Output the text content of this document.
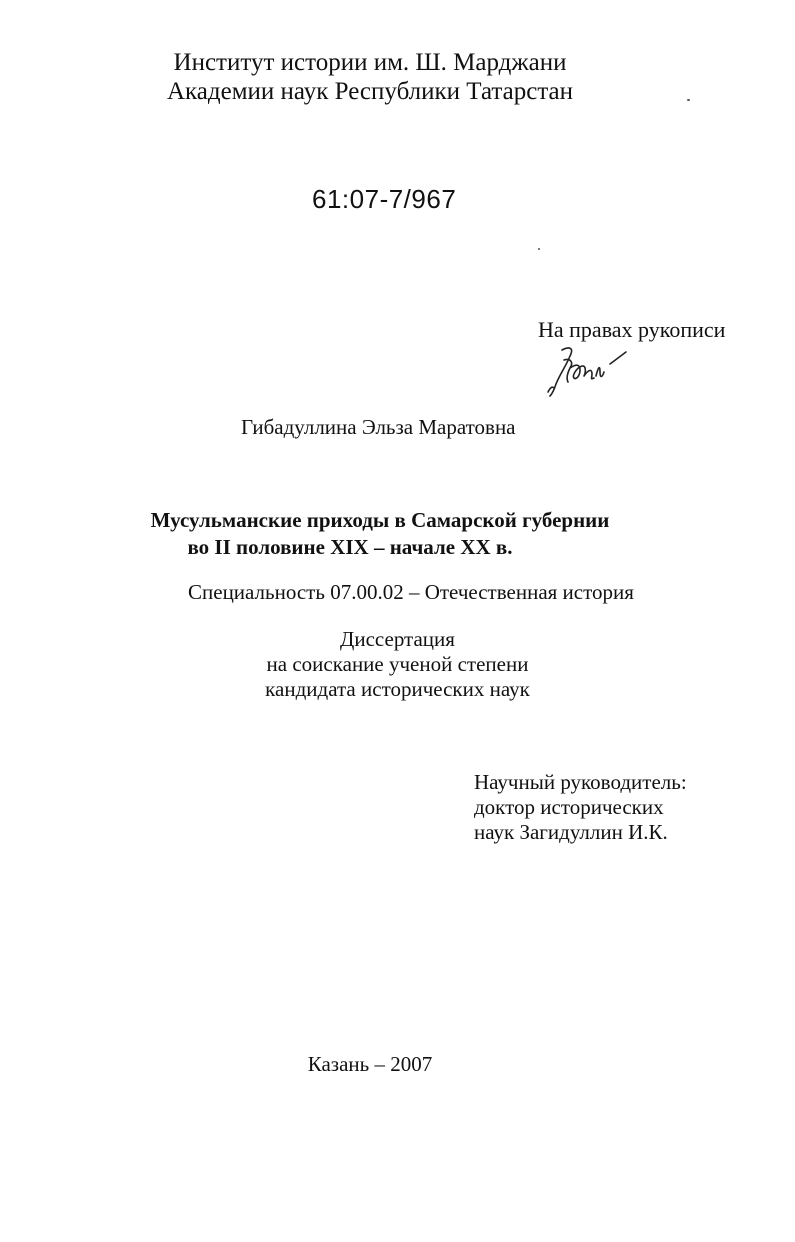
Институт истории им. Ш. Марджани
Академии наук Республики Татарстан
61:07-7/967
На правах рукописи
Гибадуллина Эльза Маратовна
Мусульманские приходы в Самарской губернии
во II половине XIX – начале XX в.
Специальность 07.00.02 – Отечественная история
Диссертация
на соискание ученой степени
кандидата исторических наук
Научный руководитель:
доктор исторических
наук Загидуллин И.К.
Казань – 2007
